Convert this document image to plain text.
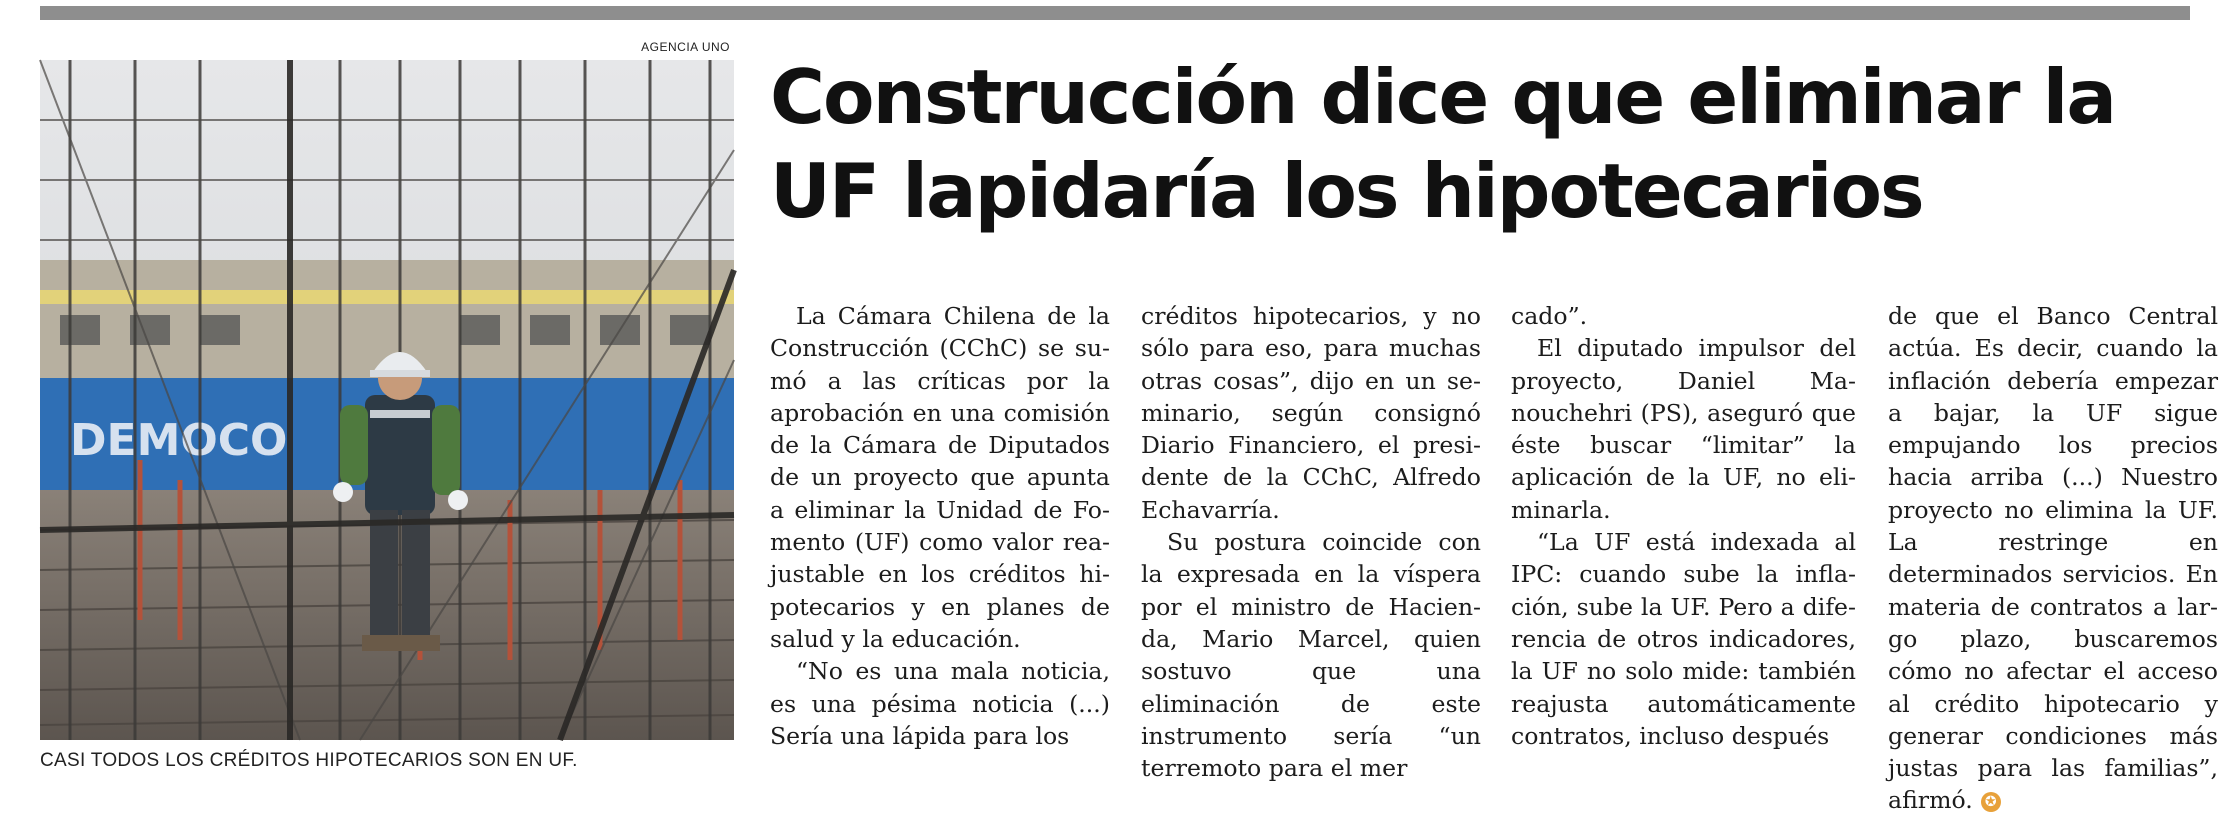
AGENCIA UNO
DEMOCO
CASI TODOS LOS CRÉDITOS HIPOTECARIOS SON EN UF.
Construcción dice que eliminar la UF lapidaría los hipotecarios

La Cámara Chilena de la Construcción (CChC) se sumó a las críticas por la aprobación en una comisión de la Cámara de Diputados de un proyecto que apunta a eliminar la Unidad de Fomento (UF) como valor reajustable en los créditos hipotecarios y en planes de salud y la educación.

“No es una mala noticia, es una pésima noticia (...) Sería una lápida para los

créditos hipotecarios, y no sólo para eso, para muchas otras cosas”, dijo en un seminario, según consignó Diario Financiero, el presidente de la CChC, Alfredo Echavarría.

Su postura coincide con la expresada en la víspera por el ministro de Hacienda, Mario Marcel, quien sostuvo que una eliminación de este instrumento sería “un terremoto para el mer

cado”.

El diputado impulsor del proyecto, Daniel Manouchehri (PS), aseguró que éste buscar “limitar” la aplicación de la UF, no eliminarla.

“La UF está indexada al IPC: cuando sube la inflación, sube la UF. Pero a diferencia de otros indicadores, la UF no solo mide: también reajusta automáticamente contratos, incluso después

de que el Banco Central actúa. Es decir, cuando la inflación debería empezar a bajar, la UF sigue empujando los precios hacia arriba (...) Nuestro proyecto no elimina la UF. La restringe en determinados servicios. En materia de contratos a largo plazo, buscaremos cómo no afectar el acceso al crédito hipotecario y generar condiciones más justas para las familias”, afirmó. ✪
